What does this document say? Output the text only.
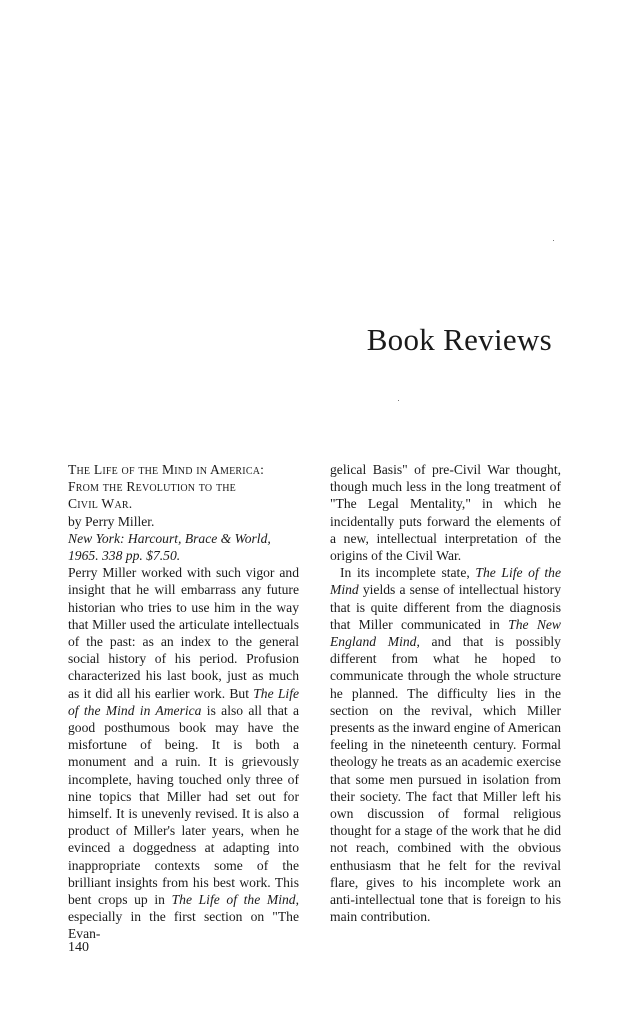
Book Reviews
The Life of the Mind in America:
From the Revolution to the
Civil War.
by Perry Miller.
New York: Harcourt, Brace & World,
1965. 338 pp. $7.50.

Perry Miller worked with such vigor and insight that he will embarrass any future historian who tries to use him in the way that Miller used the articulate intellectuals of the past: as an index to the general social history of his period. Profusion characterized his last book, just as much as it did all his earlier work. But The Life of the Mind in America is also all that a good posthumous book may have the misfortune of being. It is both a monument and a ruin. It is grievously incomplete, having touched only three of nine topics that Miller had set out for himself. It is unevenly revised. It is also a product of Miller's later years, when he evinced a doggedness at adapting into inappropriate contexts some of the brilliant insights from his best work. This bent crops up in The Life of the Mind, especially in the first section on "The Evan-

gelical Basis" of pre-Civil War thought, though much less in the long treatment of "The Legal Mentality," in which he incidentally puts forward the elements of a new, intellectual interpretation of the origins of the Civil War.

In its incomplete state, The Life of the Mind yields a sense of intellectual history that is quite different from the diagnosis that Miller communicated in The New England Mind, and that is possibly different from what he hoped to communicate through the whole structure he planned. The difficulty lies in the section on the revival, which Miller presents as the inward engine of American feeling in the nineteenth century. Formal theology he treats as an academic exercise that some men pursued in isolation from their society. The fact that Miller left his own discussion of formal religious thought for a stage of the work that he did not reach, combined with the obvious enthusiasm that he felt for the revival flare, gives to his incomplete work an anti-intellectual tone that is foreign to his main contribution.

140
